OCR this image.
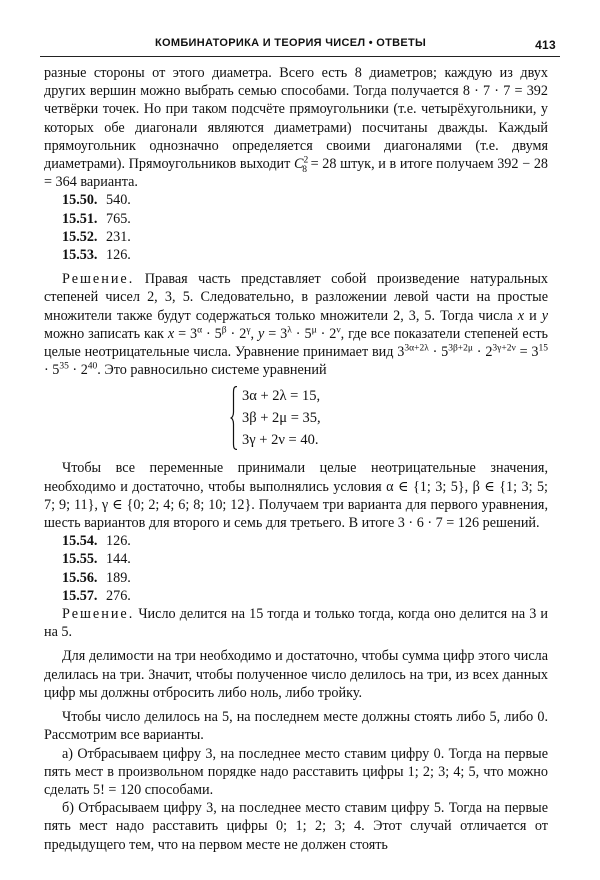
КОМБИНАТОРИКА И ТЕОРИЯ ЧИСЕЛ • ОТВЕТЫ	413

разные стороны от этого диаметра. Всего есть 8 диаметров; каждую из двух других вершин можно выбрать семью способами. Тогда получается 8 · 7 · 7 = 392 четвёрки точек. Но при таком подсчёте прямоугольники (т.е. четырёхугольники, у которых обе диагонали являются диаметрами) посчитаны дважды. Каждый прямоугольник однозначно определяется своими диагоналями (т.е. двумя диаметрами). Прямоугольников выходит $C^2_8 = 28$ штук, и в итоге получаем 392 − 28 = 364 варианта.

15.50. 540.
15.51. 765.
15.52. 231.
15.53. 126.

Решение. Правая часть представляет собой произведение натуральных степеней чисел 2, 3, 5. Следовательно, в разложении левой части на простые множители также будут содержаться только множители 2, 3, 5. Тогда числа x и y можно записать как $x = 3^\alpha \cdot 5^\beta \cdot 2^\gamma$, $y = 3^\lambda \cdot 5^\mu \cdot 2^\nu$, где все показатели степеней есть целые неотрицательные числа. Уравнение принимает вид $3^{3\alpha+2\lambda} \cdot 5^{3\beta+2\mu} \cdot 2^{3\gamma+2\nu} = 3^{15} \cdot 5^{35} \cdot 2^{40}$. Это равносильно системе уравнений

3α + 2λ = 15,
3β + 2μ = 35,
3γ + 2ν = 40.

Чтобы все переменные принимали целые неотрицательные значения, необходимо и достаточно, чтобы выполнялись условия α ∈ {1; 3; 5}, β ∈ {1; 3; 5; 7; 9; 11}, γ ∈ {0; 2; 4; 6; 8; 10; 12}. Получаем три варианта для первого уравнения, шесть вариантов для второго и семь для третьего. В итоге 3 · 6 · 7 = 126 решений.

15.54. 126.
15.55. 144.
15.56. 189.
15.57. 276.

Решение. Число делится на 15 тогда и только тогда, когда оно делится на 3 и на 5.

Для делимости на три необходимо и достаточно, чтобы сумма цифр этого числа делилась на три. Значит, чтобы полученное число делилось на три, из всех данных цифр мы должны отбросить либо ноль, либо тройку.

Чтобы число делилось на 5, на последнем месте должны стоять либо 5, либо 0. Рассмотрим все варианты.

а) Отбрасываем цифру 3, на последнее место ставим цифру 0. Тогда на первые пять мест в произвольном порядке надо расставить цифры 1; 2; 3; 4; 5, что можно сделать 5! = 120 способами.

б) Отбрасываем цифру 3, на последнее место ставим цифру 5. Тогда на первые пять мест надо расставить цифры 0; 1; 2; 3; 4. Этот случай отличается от предыдущего тем, что на первом месте не должен стоять
